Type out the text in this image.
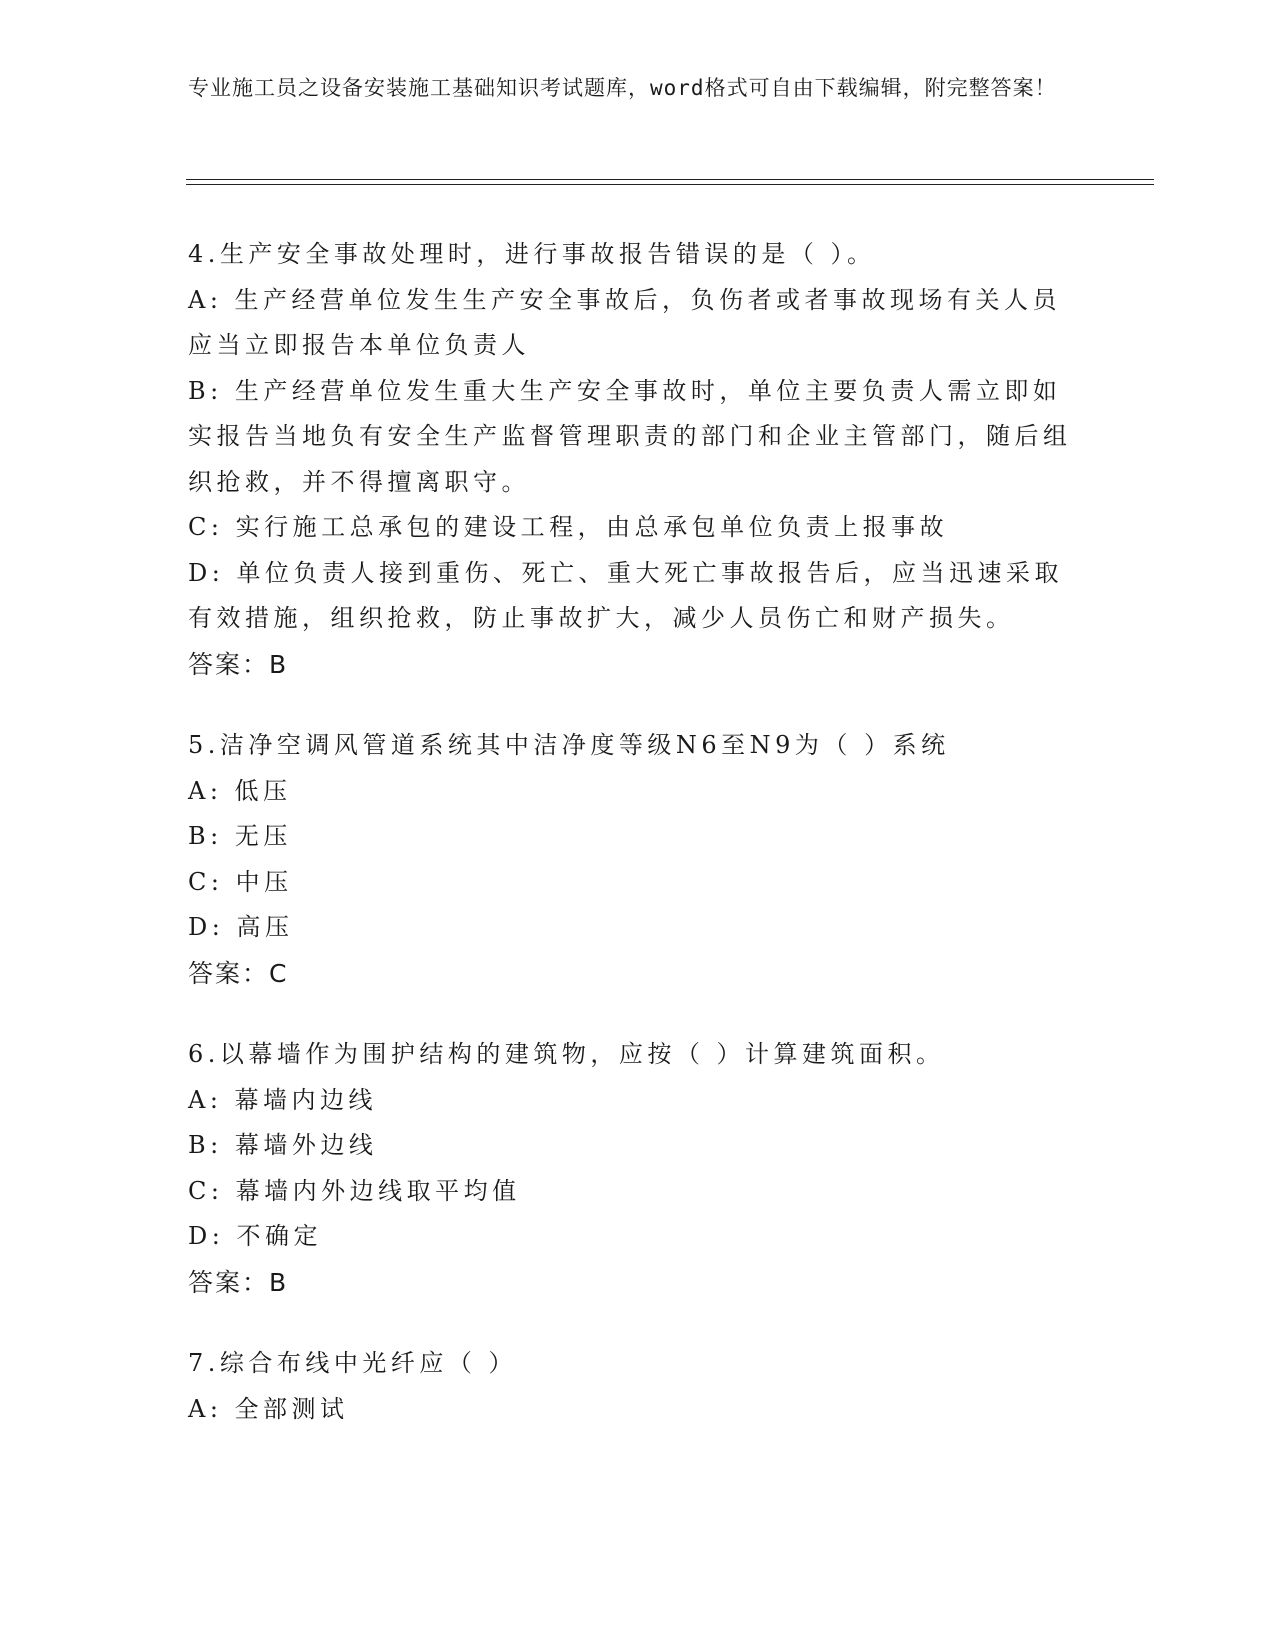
专业施工员之设备安装施工基础知识考试题库，word格式可自由下载编辑，附完整答案！
4.生产安全事故处理时，进行事故报告错误的是（ ）。
A: 生产经营单位发生生产安全事故后，负伤者或者事故现场有关人员应当立即报告本单位负责人
B: 生产经营单位发生重大生产安全事故时，单位主要负责人需立即如实报告当地负有安全生产监督管理职责的部门和企业主管部门，随后组织抢救，并不得擅离职守。
C: 实行施工总承包的建设工程，由总承包单位负责上报事故
D: 单位负责人接到重伤、死亡、重大死亡事故报告后，应当迅速采取有效措施，组织抢救，防止事故扩大，减少人员伤亡和财产损失。
答案：B
5.洁净空调风管道系统其中洁净度等级N6至N9为（ ）系统
A: 低压
B: 无压
C: 中压
D: 高压
答案：C
6.以幕墙作为围护结构的建筑物，应按（ ）计算建筑面积。
A: 幕墙内边线
B: 幕墙外边线
C: 幕墙内外边线取平均值
D: 不确定
答案：B
7.综合布线中光纤应（ ）
A: 全部测试
